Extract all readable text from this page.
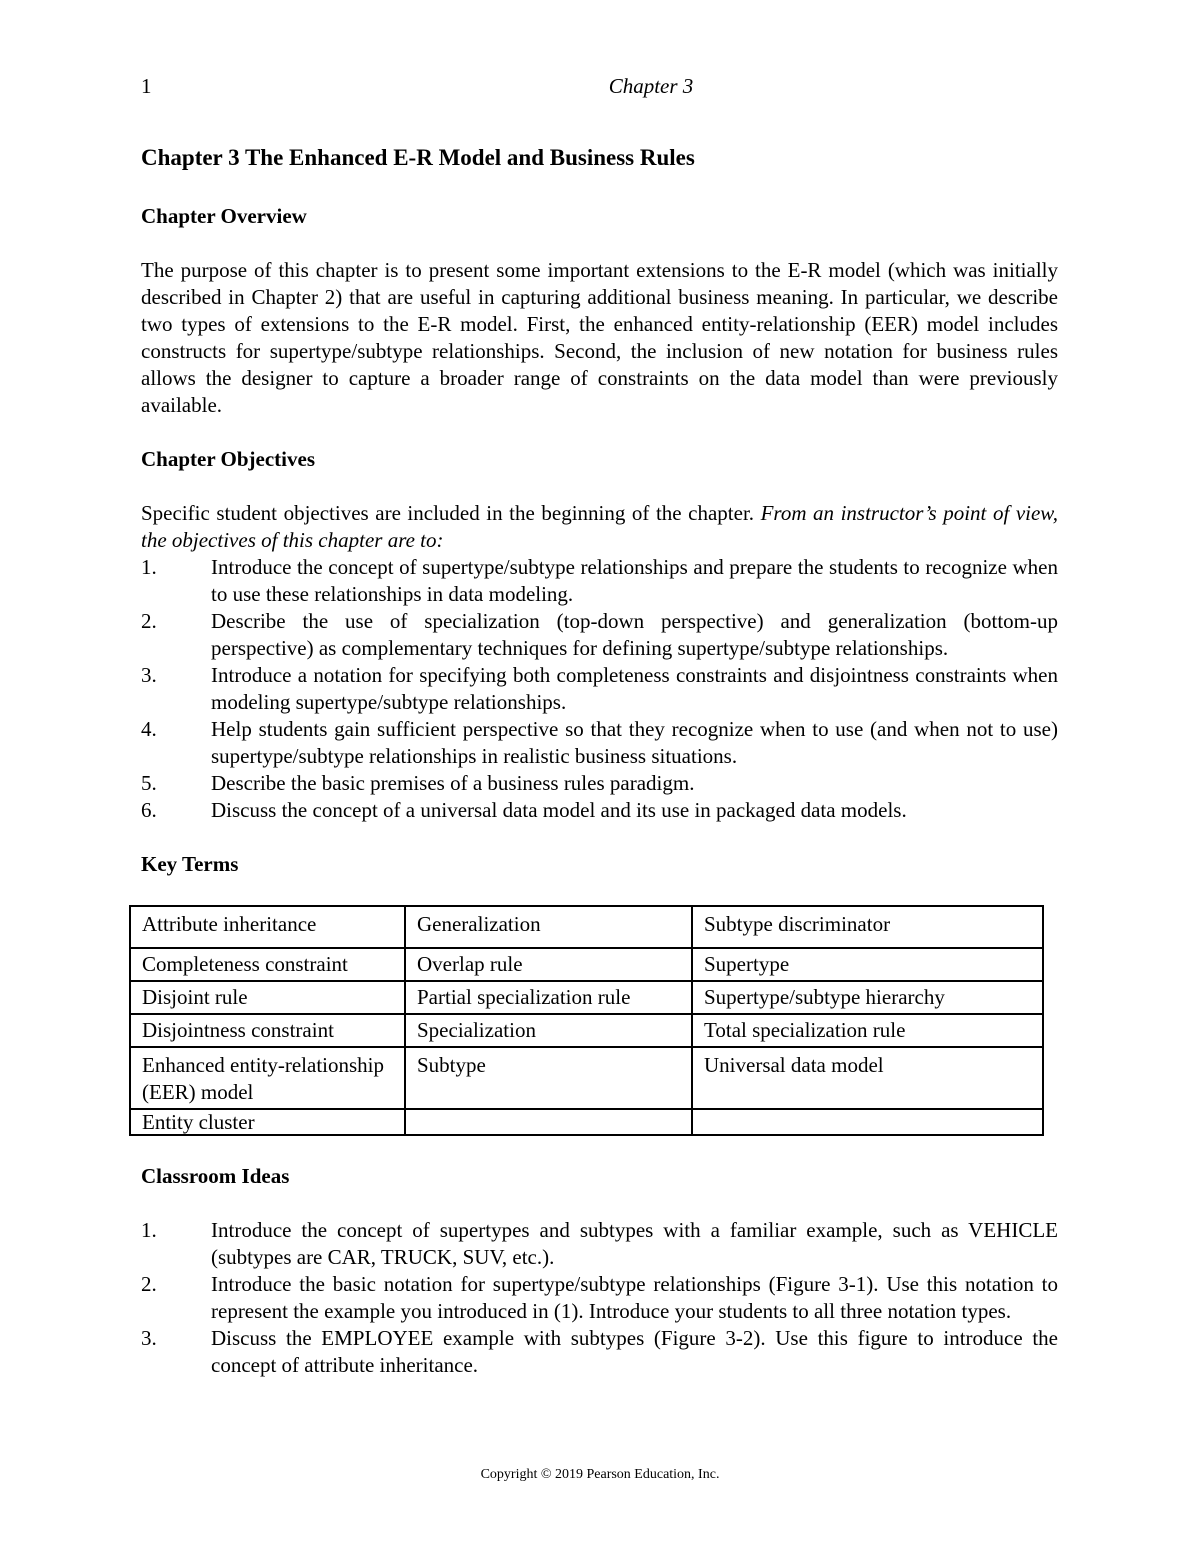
1	Chapter 3
Chapter 3 The Enhanced E-R Model and Business Rules
Chapter Overview

The purpose of this chapter is to present some important extensions to the E-R model (which was initially described in Chapter 2) that are useful in capturing additional business meaning. In particular, we describe two types of extensions to the E-R model. First, the enhanced entity-relationship (EER) model includes constructs for supertype/subtype relationships. Second, the inclusion of new notation for business rules allows the designer to capture a broader range of constraints on the data model than were previously available.

Chapter Objectives

Specific student objectives are included in the beginning of the chapter. From an instructor’s point of view, the objectives of this chapter are to:

1.	Introduce the concept of supertype/subtype relationships and prepare the students to recognize when to use these relationships in data modeling.
2.	Describe the use of specialization (top-down perspective) and generalization (bottom-up perspective) as complementary techniques for defining supertype/subtype relationships.
3.	Introduce a notation for specifying both completeness constraints and disjointness constraints when modeling supertype/subtype relationships.
4.	Help students gain sufficient perspective so that they recognize when to use (and when not to use) supertype/subtype relationships in realistic business situations.
5.	Describe the basic premises of a business rules paradigm.
6.	Discuss the concept of a universal data model and its use in packaged data models.
Key Terms
Attribute inheritance	Generalization	Subtype discriminator
Completeness constraint	Overlap rule	Supertype
Disjoint rule	Partial specialization rule	Supertype/subtype hierarchy
Disjointness constraint	Specialization	Total specialization rule
Enhanced entity-relationship (EER) model	Subtype	Universal data model
Entity cluster		
Classroom Ideas
1.	Introduce the concept of supertypes and subtypes with a familiar example, such as VEHICLE (subtypes are CAR, TRUCK, SUV, etc.).
2.	Introduce the basic notation for supertype/subtype relationships (Figure 3-1). Use this notation to represent the example you introduced in (1). Introduce your students to all three notation types.
3.	Discuss the EMPLOYEE example with subtypes (Figure 3-2). Use this figure to introduce the concept of attribute inheritance.
Copyright © 2019 Pearson Education, Inc.
